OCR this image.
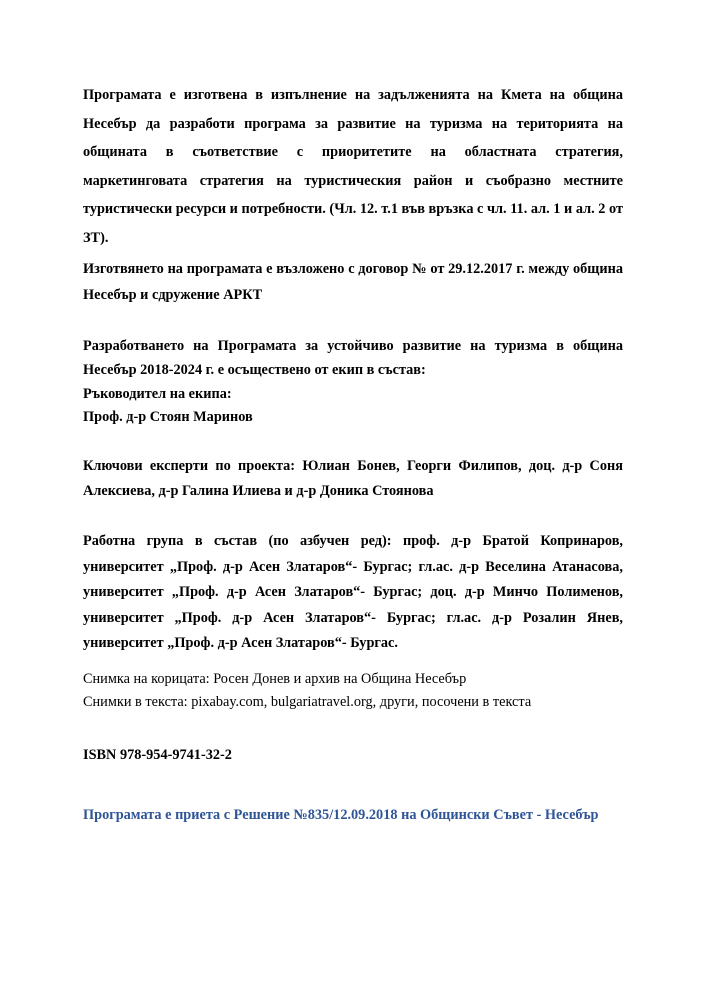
Програмата е изготвена в изпълнение на задълженията на Кмета на община Несебър да разработи програма за развитие на туризма на територията на общината в съответствие с приоритетите на областната стратегия, маркетинговата стратегия на туристическия район и съобразно местните туристически ресурси и потребности. (Чл. 12. т.1 във връзка с чл. 11. ал. 1 и ал. 2 от ЗТ).

Изготвянето на програмата е възложено с договор № от 29.12.2017 г. между община Несебър и сдружение АРКТ

Разработването на Програмата за устойчиво развитие на туризма в община Несебър 2018-2024 г. е осъществено от екип в състав:

Ръководител на екипа:

Проф. д-р Стоян Маринов

Ключови експерти по проекта: Юлиан Бонев, Георги Филипов, доц. д-р Соня Алексиева, д-р Галина Илиева и д-р Доника Стоянова

Работна група в състав (по азбучен ред): проф. д-р Братой Копринаров, университет „Проф. д-р Асен Златаров“- Бургас; гл.ас. д-р Веселина Атанасова, университет „Проф. д-р Асен Златаров“- Бургас; доц. д-р Минчо Полименов, университет „Проф. д-р Асен Златаров“- Бургас; гл.ас. д-р Розалин Янев, университет „Проф. д-р Асен Златаров“- Бургас.

Снимка на корицата: Росен Донев и архив на Община Несебър

Снимки в текста: pixabay.com, bulgariatravel.org, други, посочени в текста

ISBN 978-954-9741-32-2

Програмата е приета с Решение №835/12.09.2018 на Общински Съвет - Несебър
